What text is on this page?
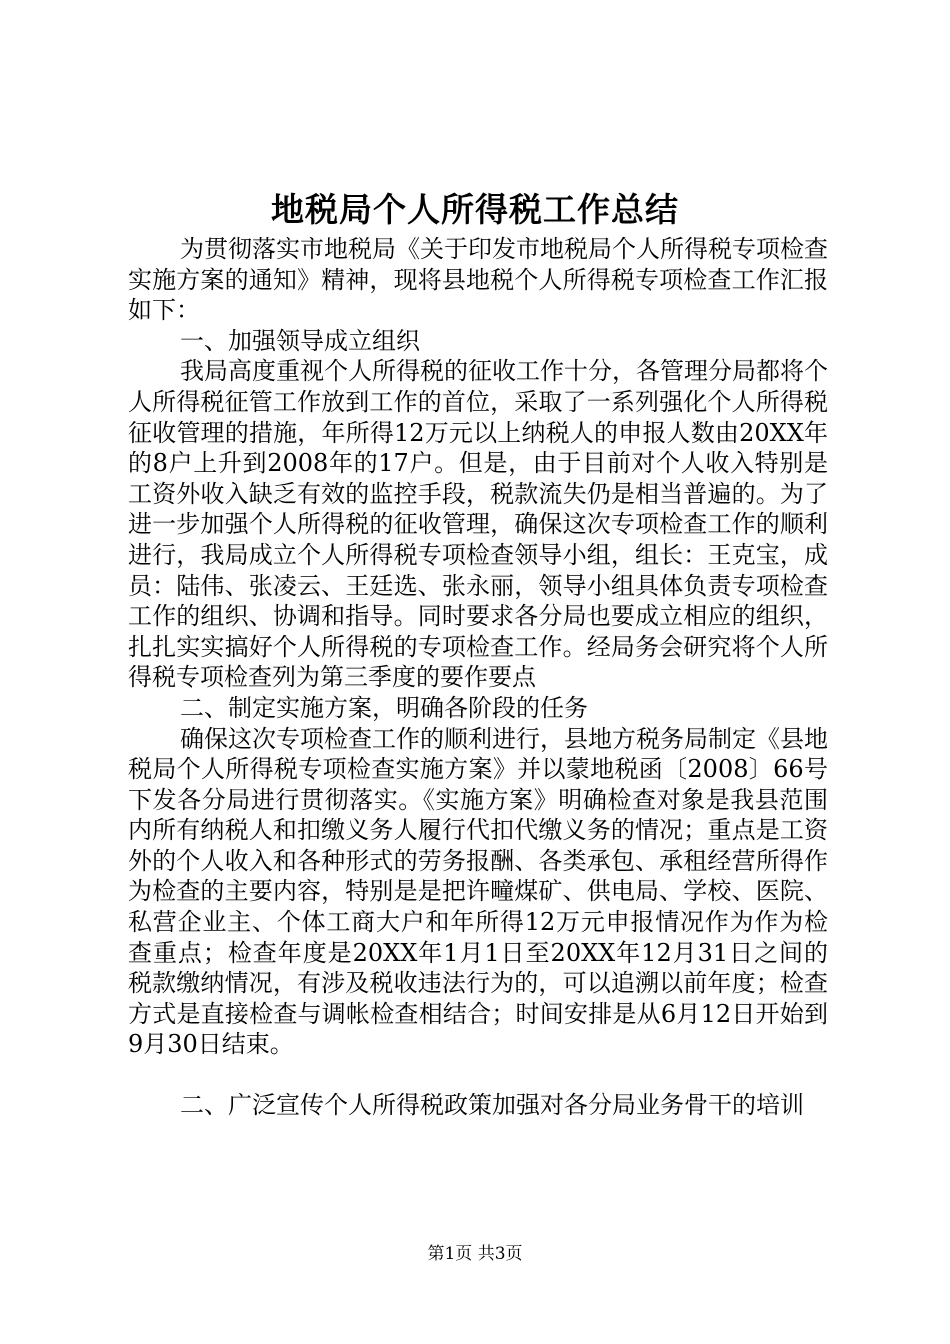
地税局个人所得税工作总结

为贯彻落实市地税局《关于印发市地税局个人所得税专项检查实施方案的通知》精神，现将县地税个人所得税专项检查工作汇报如下：

一、加强领导成立组织

我局高度重视个人所得税的征收工作十分，各管理分局都将个人所得税征管工作放到工作的首位，采取了一系列强化个人所得税征收管理的措施，年所得12万元以上纳税人的申报人数由20XX年的8户上升到2008年的17户。但是，由于目前对个人收入特别是工资外收入缺乏有效的监控手段，税款流失仍是相当普遍的。为了进一步加强个人所得税的征收管理，确保这次专项检查工作的顺利进行，我局成立个人所得税专项检查领导小组，组长：王克宝，成员：陆伟、张凌云、王廷选、张永丽，领导小组具体负责专项检查工作的组织、协调和指导。同时要求各分局也要成立相应的组织，扎扎实实搞好个人所得税的专项检查工作。经局务会研究将个人所得税专项检查列为第三季度的要作要点

二、制定实施方案，明确各阶段的任务

确保这次专项检查工作的顺利进行，县地方税务局制定《县地税局个人所得税专项检查实施方案》并以蒙地税函〔2008〕66号下发各分局进行贯彻落实。《实施方案》明确检查对象是我县范围内所有纳税人和扣缴义务人履行代扣代缴义务的情况；重点是工资外的个人收入和各种形式的劳务报酬、各类承包、承租经营所得作为检查的主要内容，特别是是把许疃煤矿、供电局、学校、医院、私营企业主、个体工商大户和年所得12万元申报情况作为作为检查重点；检查年度是20XX年1月1日至20XX年12月31日之间的税款缴纳情况，有涉及税收违法行为的，可以追溯以前年度；检查方式是直接检查与调帐检查相结合；时间安排是从6月12日开始到9月30日结束。

二、广泛宣传个人所得税政策加强对各分局业务骨干的培训

第1页 共3页
